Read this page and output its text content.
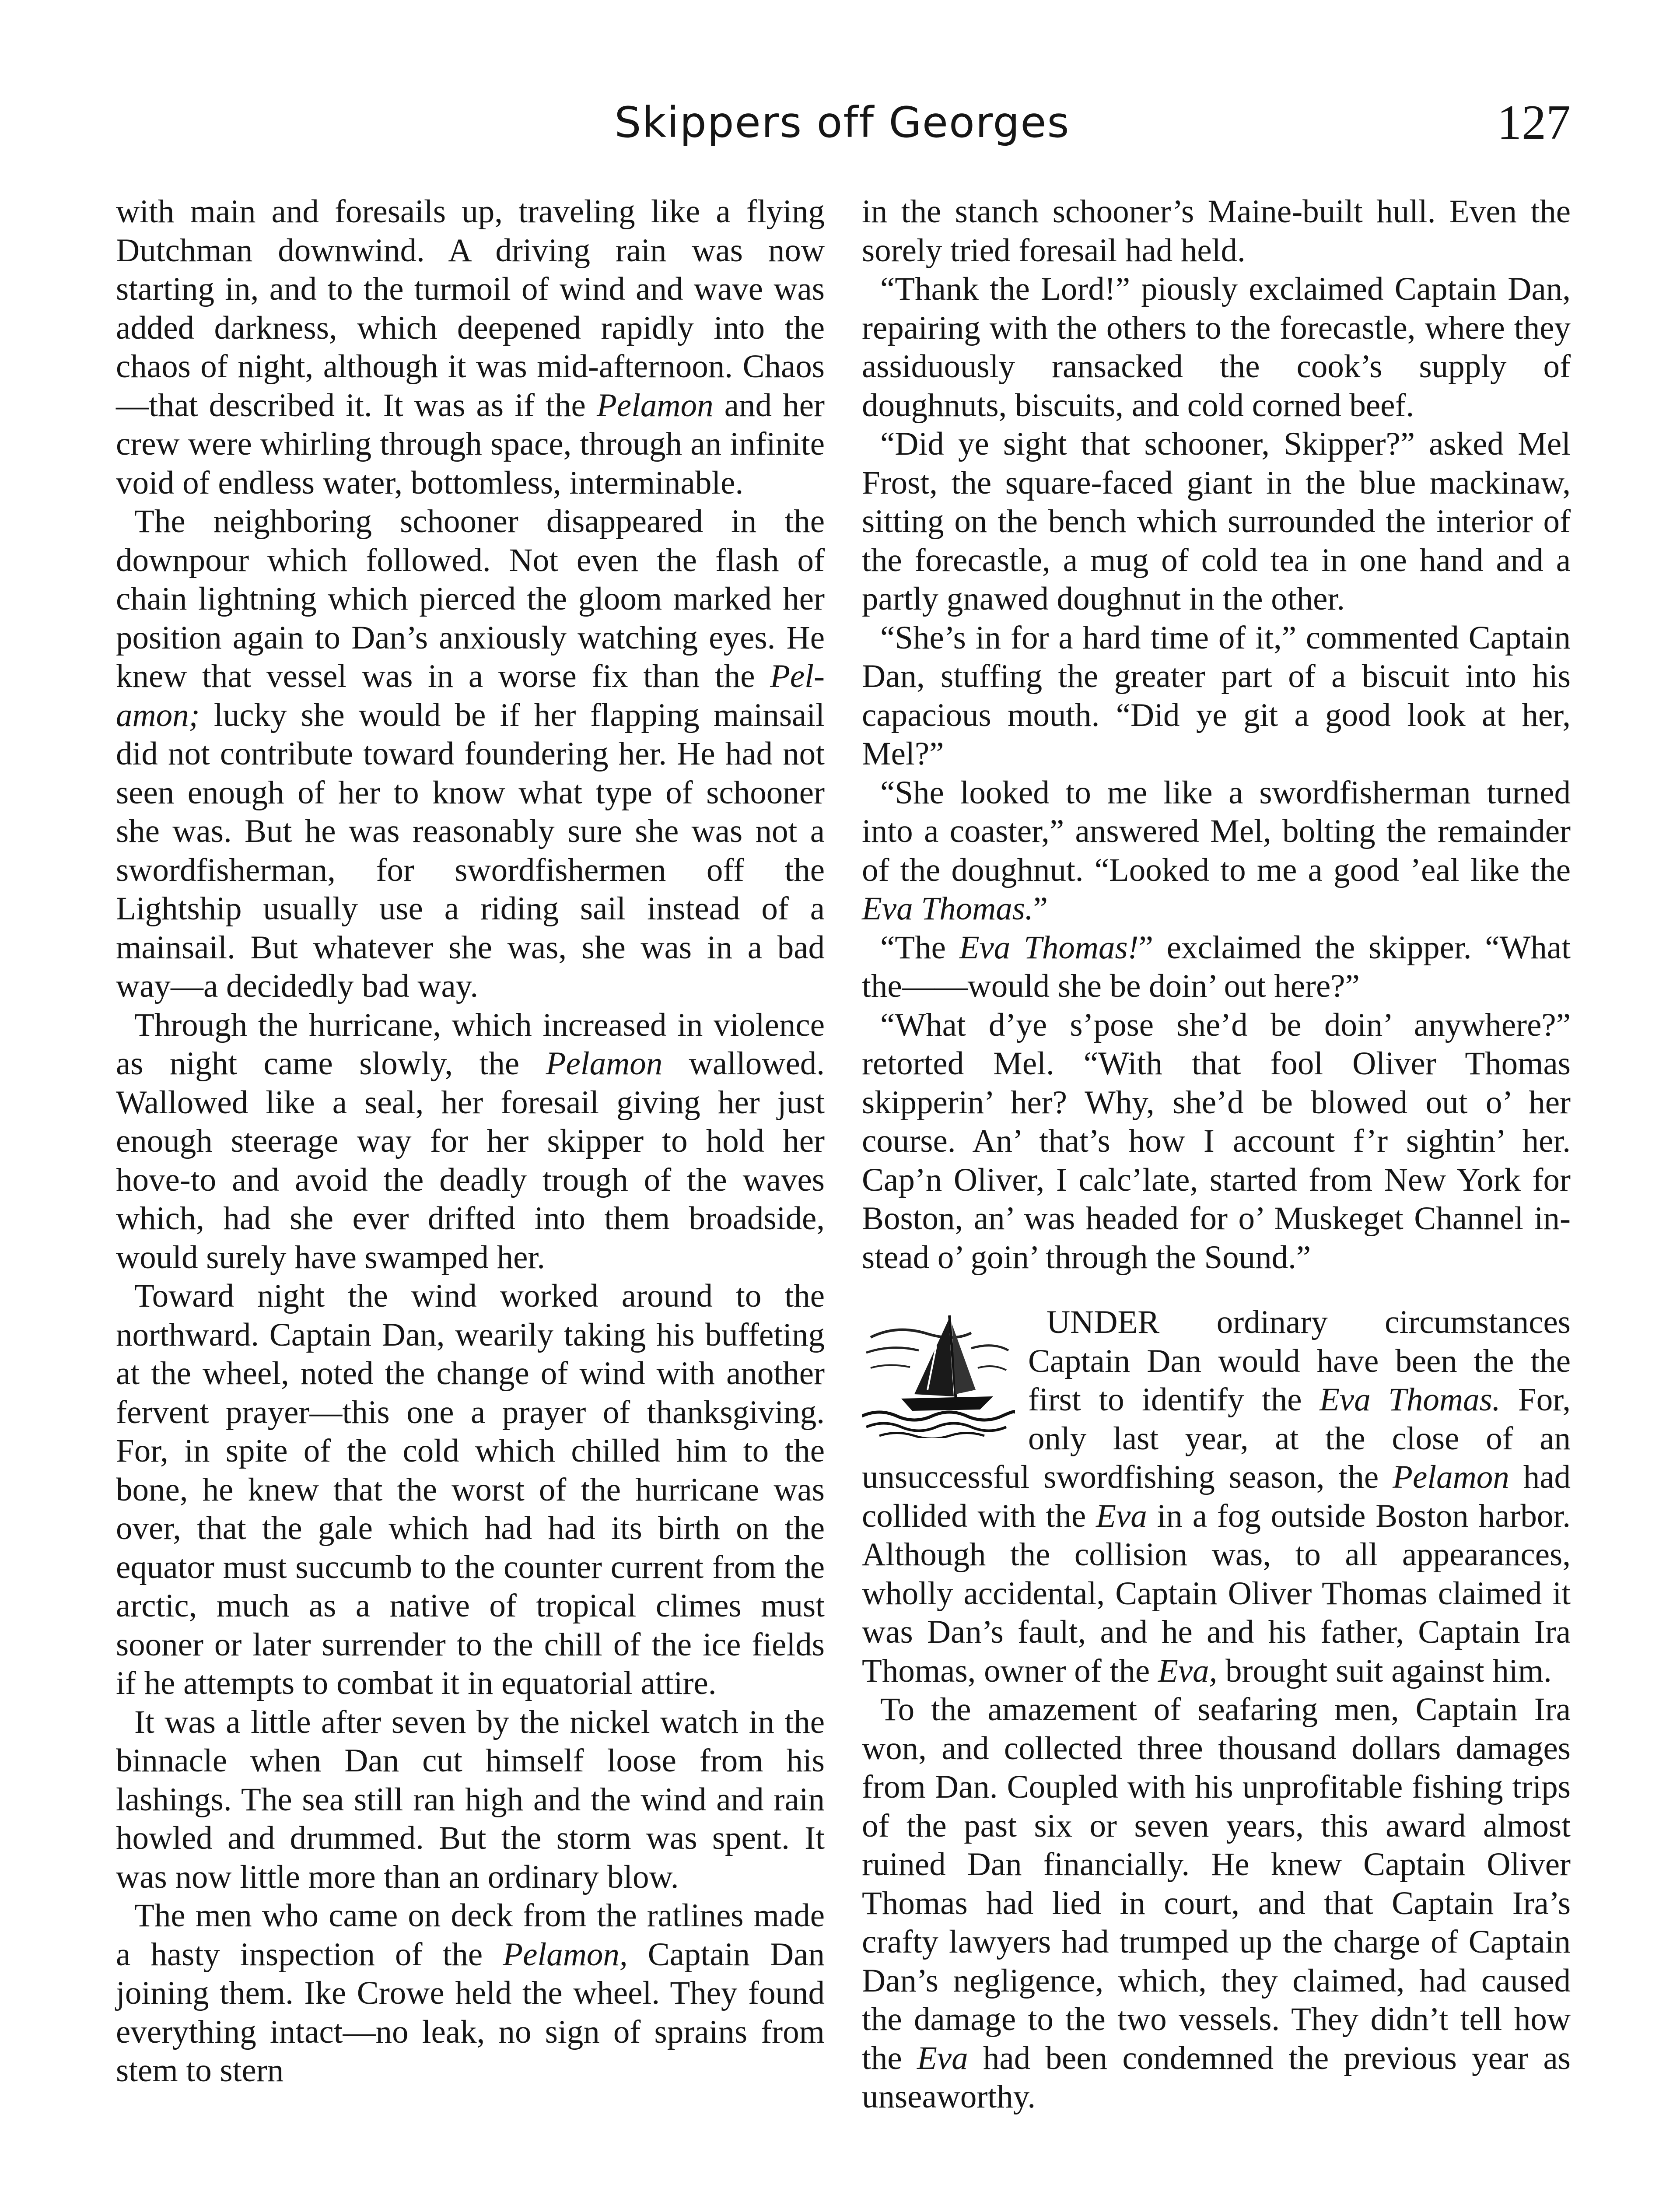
Skippers off Georges	127

with main and foresails up, traveling like a flying Dutchman downwind. A driving rain was now starting in, and to the turmoil of wind and wave was added darkness, which deepened rapidly into the chaos of night, although it was mid-afternoon. Chaos—that described it. It was as if the Pelamon and her crew were whirling through space, through an infinite void of endless water, bottomless, interminable.

The neighboring schooner disappeared in the downpour which followed. Not even the flash of chain lightning which pierced the gloom marked her position again to Dan’s anxiously watching eyes. He knew that vessel was in a worse fix than the Pelamon; lucky she would be if her flapping mainsail did not contribute toward foundering her. He had not seen enough of her to know what type of schooner she was. But he was reasonably sure she was not a swordfisherman, for swordfishermen off the Lightship usually use a riding sail instead of a mainsail. But whatever she was, she was in a bad way—a decidedly bad way.

Through the hurricane, which increased in violence as night came slowly, the Pelamon wallowed. Wallowed like a seal, her foresail giving her just enough steerage way for her skipper to hold her hove-to and avoid the deadly trough of the waves which, had she ever drifted into them broadside, would surely have swamped her.

Toward night the wind worked around to the northward. Captain Dan, wearily taking his buffeting at the wheel, noted the change of wind with another fervent prayer—this one a prayer of thanksgiving. For, in spite of the cold which chilled him to the bone, he knew that the worst of the hurricane was over, that the gale which had had its birth on the equator must succumb to the counter current from the arctic, much as a native of tropical climes must sooner or later surrender to the chill of the ice fields if he attempts to combat it in equatorial attire.

It was a little after seven by the nickel watch in the binnacle when Dan cut himself loose from his lashings. The sea still ran high and the wind and rain howled and drummed. But the storm was spent. It was now little more than an ordinary blow.

The men who came on deck from the ratlines made a hasty inspection of the Pelamon, Captain Dan joining them. Ike Crowe held the wheel. They found everything intact—no leak, no sign of sprains from stem to stern

in the stanch schooner’s Maine-built hull. Even the sorely tried foresail had held.

“Thank the Lord!” piously exclaimed Captain Dan, repairing with the others to the forecastle, where they assiduously ransacked the cook’s supply of doughnuts, biscuits, and cold corned beef.

“Did ye sight that schooner, Skipper?” asked Mel Frost, the square-faced giant in the blue mackinaw, sitting on the bench which surrounded the interior of the forecastle, a mug of cold tea in one hand and a partly gnawed doughnut in the other.

“She’s in for a hard time of it,” commented Captain Dan, stuffing the greater part of a biscuit into his capacious mouth. “Did ye git a good look at her, Mel?”

“She looked to me like a swordfisherman turned into a coaster,” answered Mel, bolting the remainder of the doughnut. “Looked to me a good ’eal like the Eva Thomas.”

“The Eva Thomas!” exclaimed the skipper. “What the——would she be doin’ out here?”

“What d’ye s’pose she’d be doin’ anywhere?” retorted Mel. “With that fool Oliver Thomas skipperin’ her? Why, she’d be blowed out o’ her course. An’ that’s how I account f’r sightin’ her. Cap’n Oliver, I calc’late, started from New York for Boston, an’ was headed for o’ Muskeget Channel instead o’ goin’ through the Sound.”

UNDER ordinary circumstances Captain Dan would have been the the first to identify the Eva Thomas. For, only last year, at the close of an unsuccessful swordfishing season, the Pelamon had collided with the Eva in a fog outside Boston harbor. Although the collision was, to all appearances, wholly accidental, Captain Oliver Thomas claimed it was Dan’s fault, and he and his father, Captain Ira Thomas, owner of the Eva, brought suit against him.

To the amazement of seafaring men, Captain Ira won, and collected three thousand dollars damages from Dan. Coupled with his unprofitable fishing trips of the past six or seven years, this award almost ruined Dan financially. He knew Captain Oliver Thomas had lied in court, and that Captain Ira’s crafty lawyers had trumped up the charge of Captain Dan’s negligence, which, they claimed, had caused the damage to the two vessels. They didn’t tell how the Eva had been condemned the previous year as unseaworthy.
